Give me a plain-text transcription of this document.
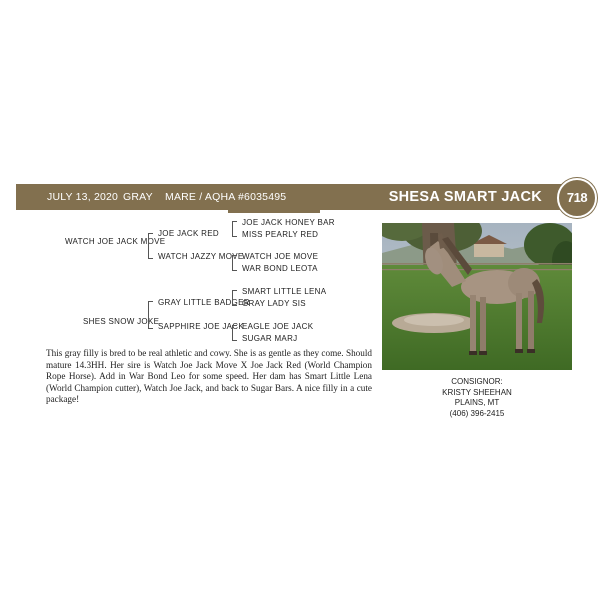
JULY 13, 2020 GRAY MARE / AQHA #6035495	SHESA SMART JACK	718
WATCH JOE JACK MOVE
JOE JACK RED
WATCH JAZZY MOVE
JOE JACK HONEY BAR
MISS PEARLY RED
WATCH JOE MOVE
WAR BOND LEOTA
SHES SNOW JOKE
GRAY LITTLE BADGER
SAPPHIRE JOE JACK
SMART LITTLE LENA
GRAY LADY SIS
EAGLE JOE JACK
SUGAR MARJ
This gray filly is bred to be real athletic and cowy. She is as gentle as they come. Should mature 14.3HH. Her sire is Watch Joe Jack Move X Joe Jack Red (World Champion Rope Horse). Add in War Bond Leo for some speed. Her dam has Smart Little Lena (World Champion cutter), Watch Joe Jack, and back to Sugar Bars. A nice filly in a cute package!
CONSIGNOR:
KRISTY SHEEHAN
PLAINS, MT
(406) 396-2415
